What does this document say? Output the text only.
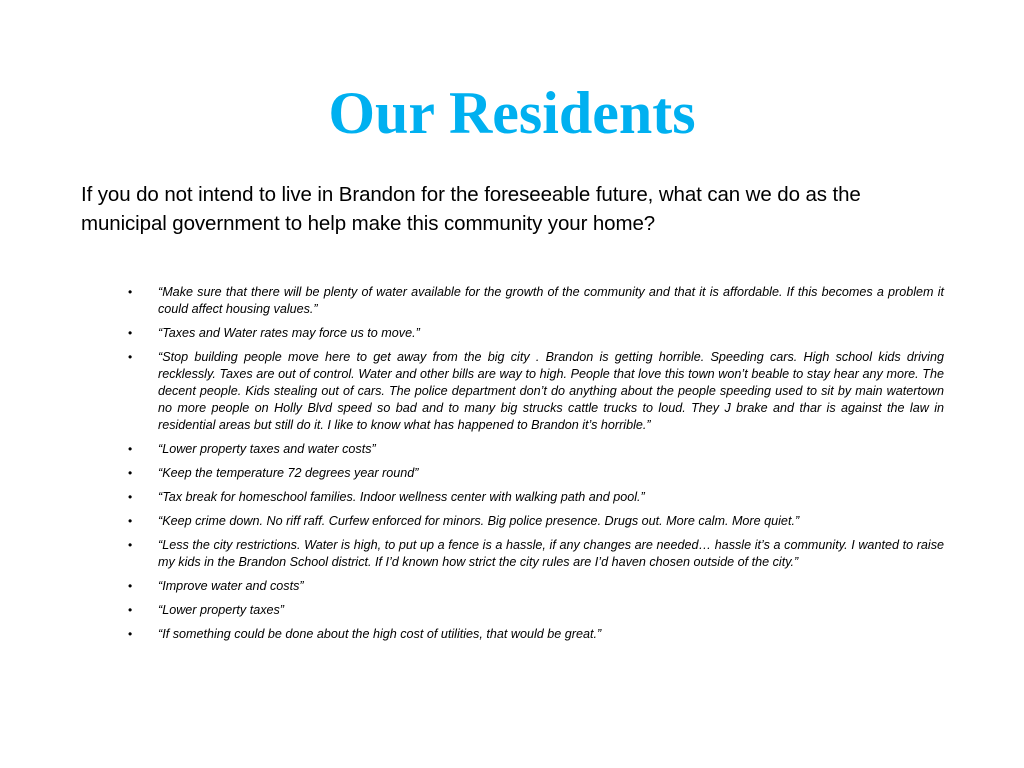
Our Residents

If you do not intend to live in Brandon for the foreseeable future, what can we do as the municipal government to help make this community your home?

• “Make sure that there will be plenty of water available for the growth of the community and that it is affordable. If this becomes a problem it could affect housing values.”
• “Taxes and Water rates may force us to move.”
• “Stop building people move here to get away from the big city . Brandon is getting horrible. Speeding cars. High school kids driving recklessly. Taxes are out of control. Water and other bills are way to high. People that love this town won’t beable to stay hear any more. The decent people. Kids stealing out of cars. The police department don’t do anything about the people speeding used to sit by main watertown no more people on Holly Blvd speed so bad and to many big strucks cattle trucks to loud. They J brake and thar is against the law in residential areas but still do it. I like to know what has happened to Brandon it’s horrible.”
• “Lower property taxes and water costs”
• “Keep the temperature 72 degrees year round”
• “Tax break for homeschool families. Indoor wellness center with walking path and pool.”
• “Keep crime down. No riff raff. Curfew enforced for minors. Big police presence. Drugs out. More calm. More quiet.”
• “Less the city restrictions. Water is high, to put up a fence is a hassle, if any changes are needed… hassle it’s a community. I wanted to raise my kids in the Brandon School district. If I’d known how strict the city rules are I’d haven chosen outside of the city.”
• “Improve water and costs”
• “Lower property taxes”
• “If something could be done about the high cost of utilities, that would be great.”
